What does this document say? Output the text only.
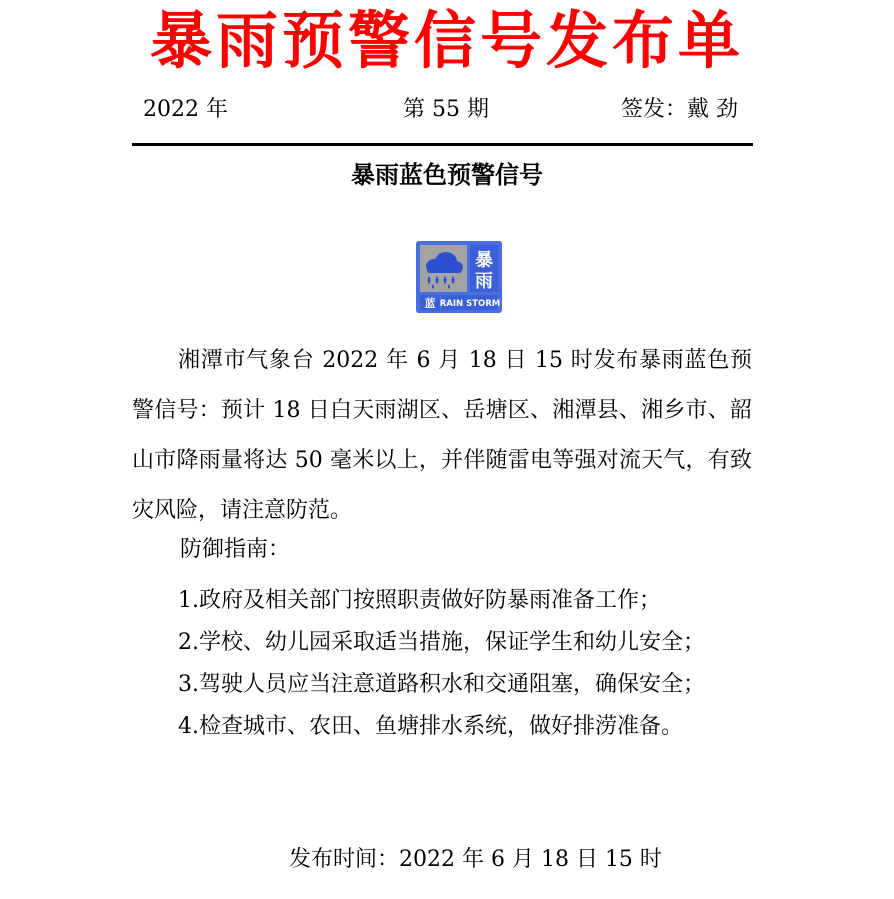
暴雨预警信号发布单
2022 年	第 55 期	签发：戴 劲
暴雨蓝色预警信号
暴
雨
蓝 RAIN STORM
湘潭市气象台 2022 年 6 月 18 日 15 时发布暴雨蓝色预警信号：预计 18 日白天雨湖区、岳塘区、湘潭县、湘乡市、韶山市降雨量将达 50 毫米以上，并伴随雷电等强对流天气，有致灾风险，请注意防范。
防御指南：
1.政府及相关部门按照职责做好防暴雨准备工作；
2.学校、幼儿园采取适当措施，保证学生和幼儿安全；
3.驾驶人员应当注意道路积水和交通阻塞，确保安全；
4.检查城市、农田、鱼塘排水系统，做好排涝准备。
发布时间：2022 年 6 月 18 日 15 时
